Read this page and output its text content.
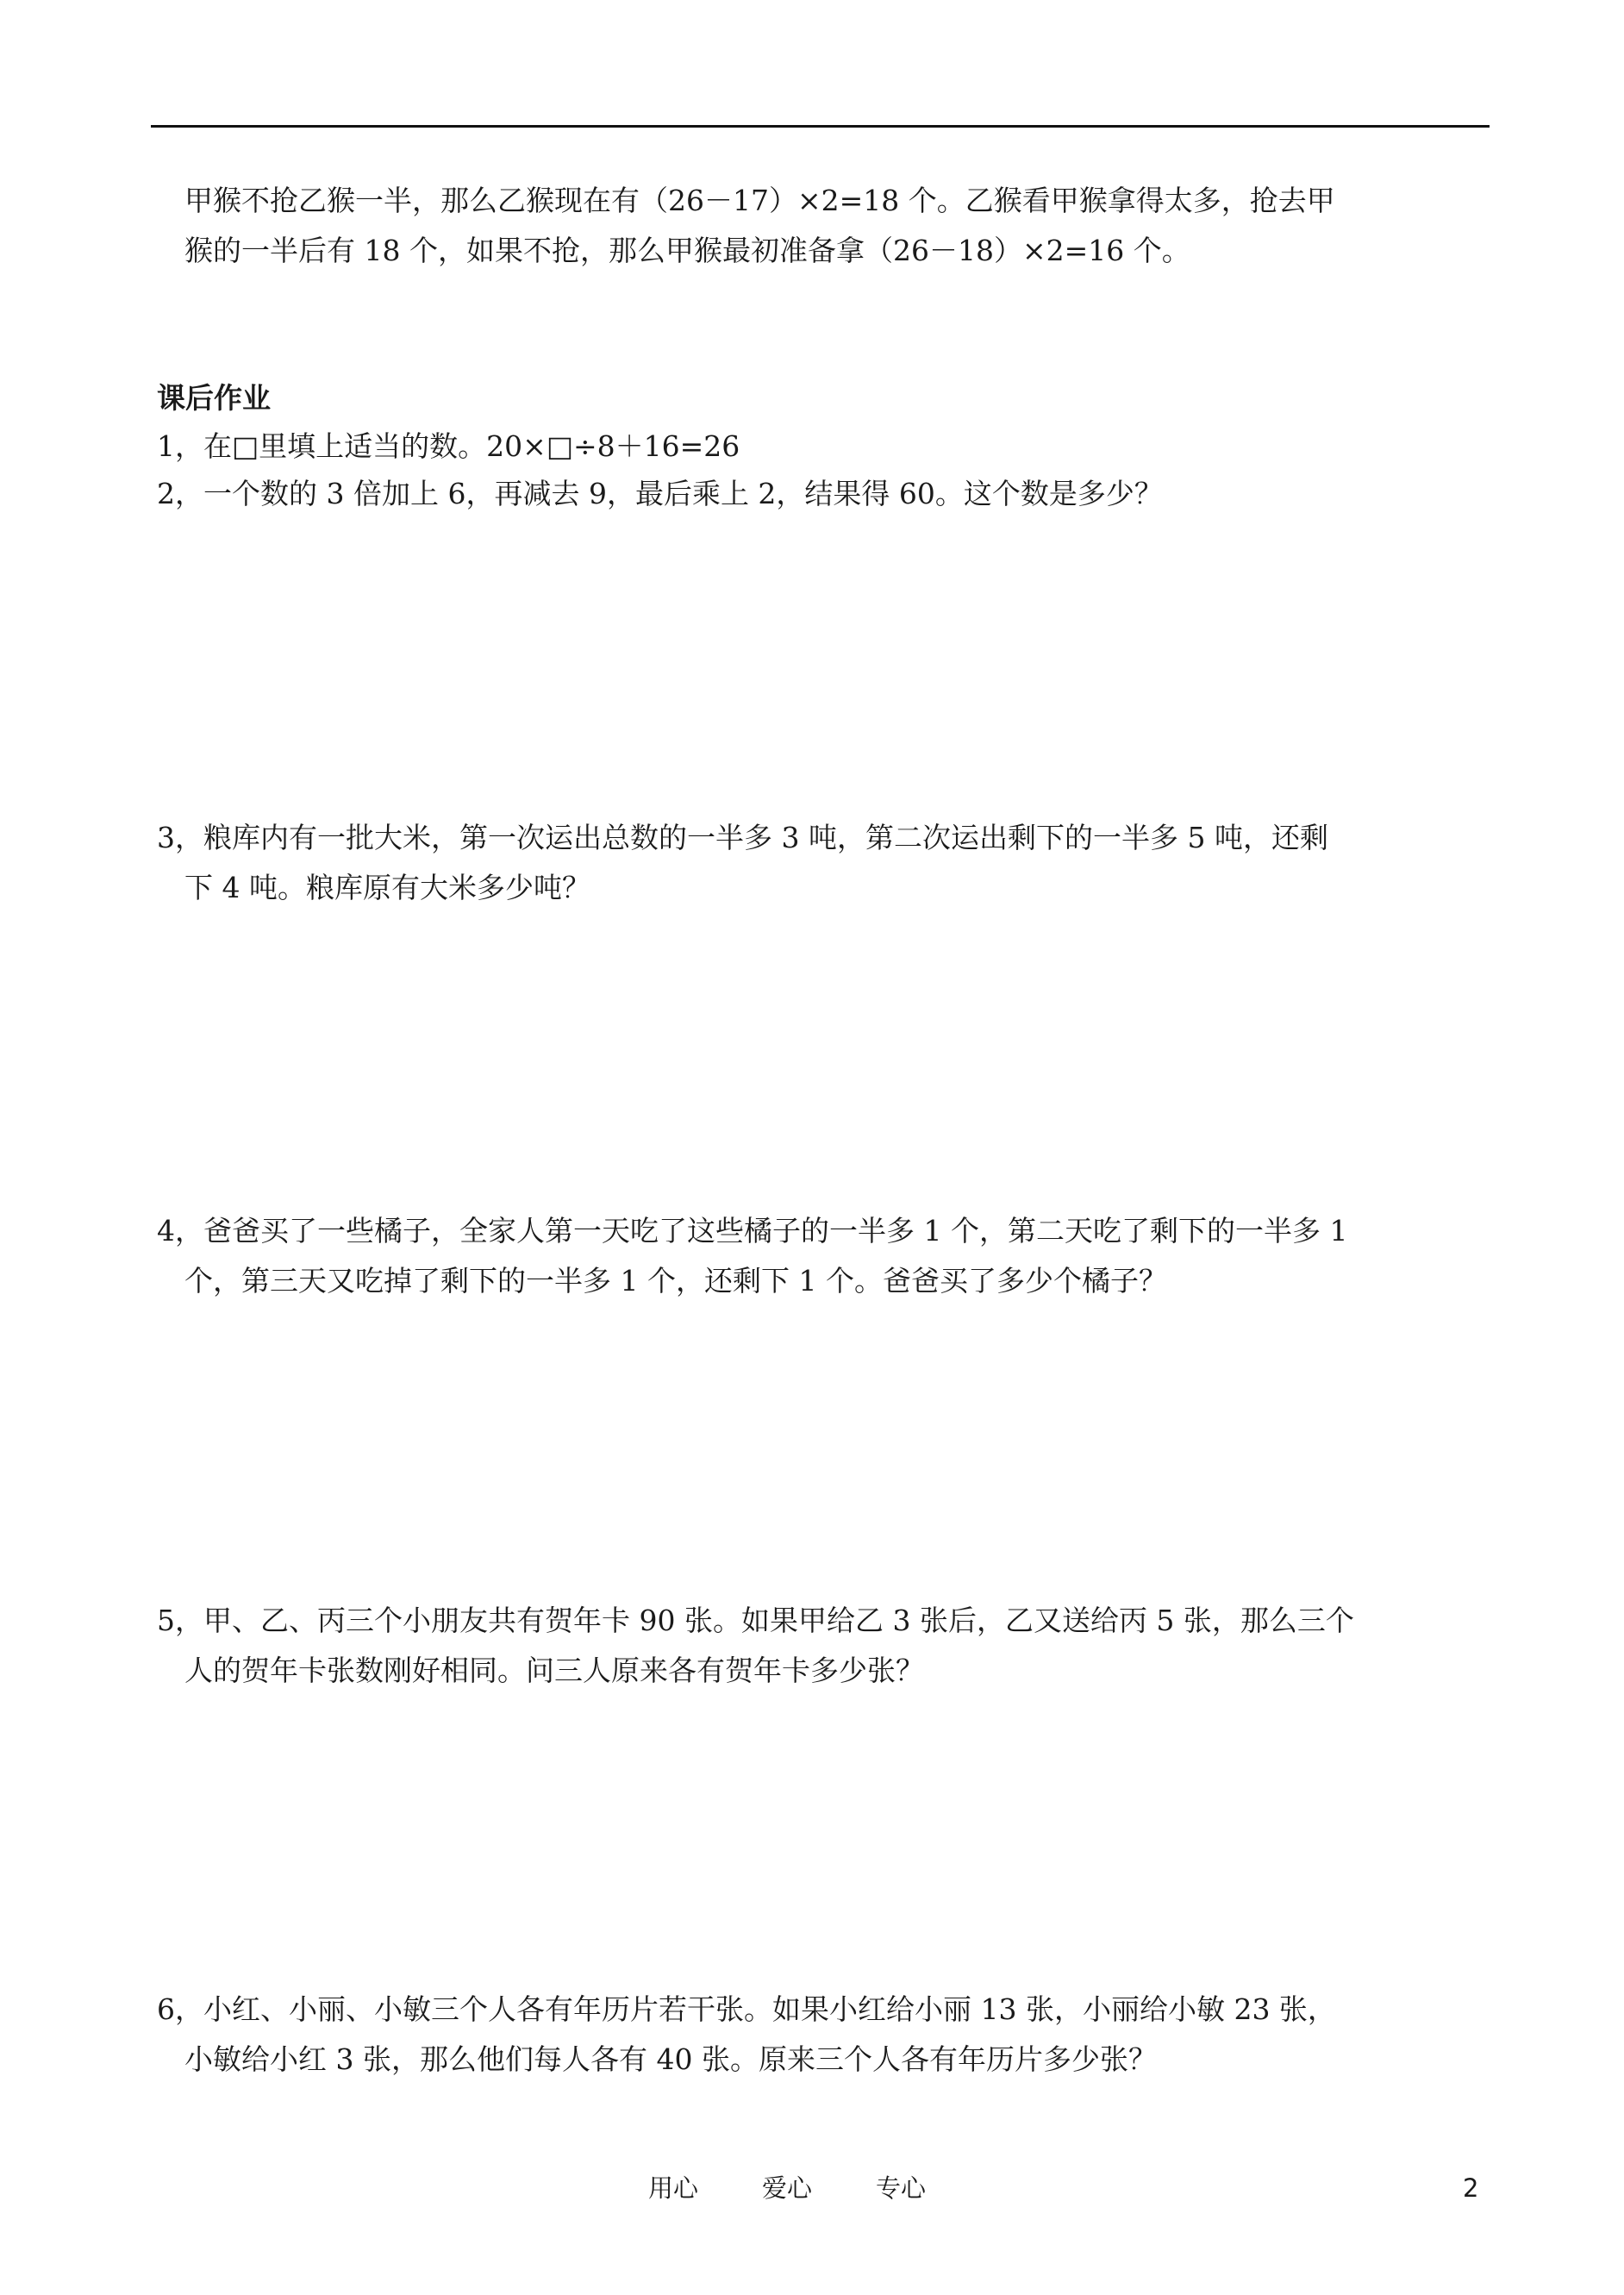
甲猴不抢乙猴一半，那么乙猴现在有（26－17）×2=18 个。乙猴看甲猴拿得太多，抢去甲
猴的一半后有 18 个，如果不抢，那么甲猴最初准备拿（26－18）×2=16 个。
课后作业
1，在□里填上适当的数。20×□÷8＋16=26
2，一个数的 3 倍加上 6，再减去 9，最后乘上 2，结果得 60。这个数是多少？
3，粮库内有一批大米，第一次运出总数的一半多 3 吨，第二次运出剩下的一半多 5 吨，还剩
下 4 吨。粮库原有大米多少吨？
4，爸爸买了一些橘子，全家人第一天吃了这些橘子的一半多 1 个，第二天吃了剩下的一半多 1
个，第三天又吃掉了剩下的一半多 1 个，还剩下 1 个。爸爸买了多少个橘子？
5，甲、乙、丙三个小朋友共有贺年卡 90 张。如果甲给乙 3 张后，乙又送给丙 5 张，那么三个
人的贺年卡张数刚好相同。问三人原来各有贺年卡多少张？
6，小红、小丽、小敏三个人各有年历片若干张。如果小红给小丽 13 张，小丽给小敏 23 张，
小敏给小红 3 张，那么他们每人各有 40 张。原来三个人各有年历片多少张？
用心	爱心	专心	2
